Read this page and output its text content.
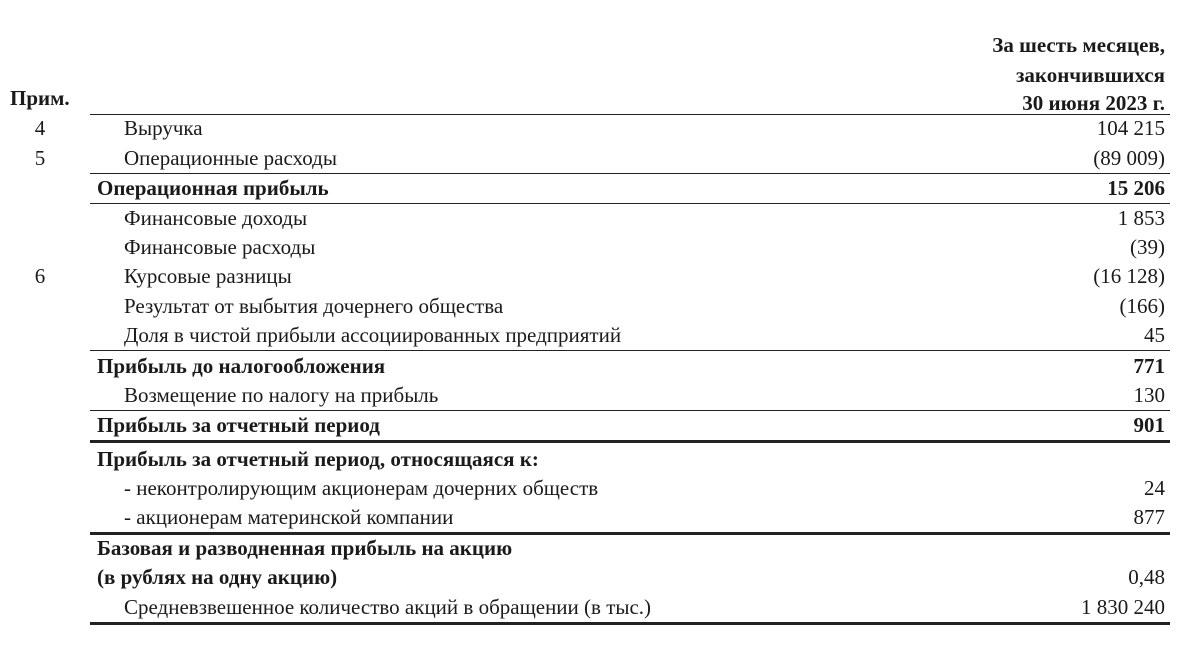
За шесть месяцев,
закончившихся
30 июня 2023 г.
Прим.
4	Выручка	104 215
5	Операционные расходы	(89 009)
Операционная прибыль	15 206
Финансовые доходы	1 853
Финансовые расходы	(39)
6	Курсовые разницы	(16 128)
Результат от выбытия дочернего общества	(166)
Доля в чистой прибыли ассоциированных предприятий	45
Прибыль до налогообложения	771
Возмещение по налогу на прибыль	130
Прибыль за отчетный период	901
Прибыль за отчетный период, относящаяся к:
- неконтролирующим акционерам дочерних обществ	24
- акционерам материнской компании	877
Базовая и разводненная прибыль на акцию
(в рублях на одну акцию)	0,48
Средневзвешенное количество акций в обращении (в тыс.)	1 830 240
